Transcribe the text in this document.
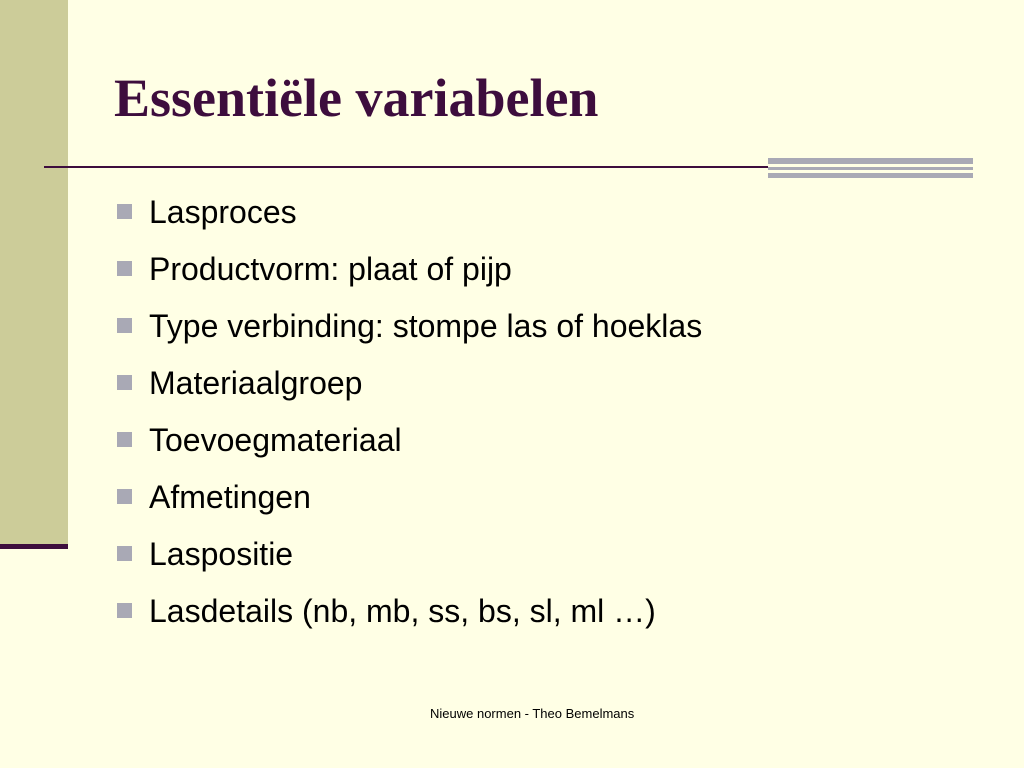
Essentiële variabelen
Lasproces
Productvorm: plaat of pijp
Type verbinding: stompe las of hoeklas
Materiaalgroep
Toevoegmateriaal
Afmetingen
Laspositie
Lasdetails (nb, mb, ss, bs, sl, ml …)
Nieuwe normen - Theo Bemelmans
